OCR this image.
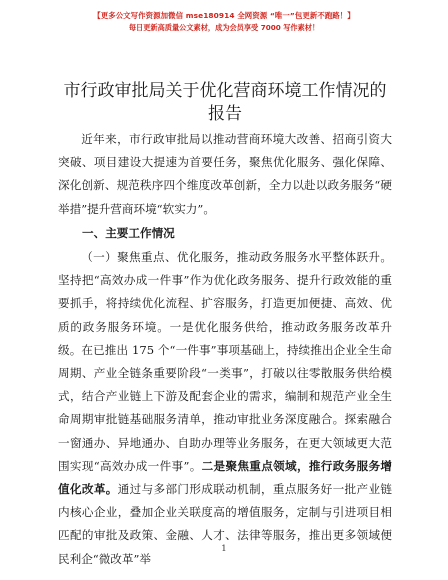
【更多公文写作资源加微信 mse180914 全网资源 “唯一”包更新不跑路！】
每日更新高质量公文素材，成为会员享受 7000 写作素材！
市行政审批局关于优化营商环境工作情况的报告

近年来，市行政审批局以推动营商环境大改善、招商引资大突破、项目建设大提速为首要任务，聚焦优化服务、强化保障、深化创新、规范秩序四个维度改革创新，全力以赴以政务服务“硬举措”提升营商环境“软实力”。

一、主要工作情况

（一）聚焦重点、优化服务，推动政务服务水平整体跃升。坚持把“高效办成一件事”作为优化政务服务、提升行政效能的重要抓手，将持续优化流程、扩容服务，打造更加便捷、高效、优质的政务服务环境。一是优化服务供给，推动政务服务改革升级。在已推出 175 个“一件事”事项基础上，持续推出企业全生命周期、产业全链条重要阶段“一类事”，打破以往零散服务供给模式，结合产业链上下游及配套企业的需求，编制和规范产业全生命周期审批链基础服务清单，推动审批业务深度融合。探索融合一窗通办、异地通办、自助办理等业务服务，在更大领域更大范围实现“高效办成一件事”。二是聚焦重点领域，推行政务服务增值化改革。通过与多部门形成联动机制，重点服务好一批产业链内核心企业，叠加企业关联度高的增值服务，定制与引进项目相匹配的审批及政策、金融、人才、法律等服务，推出更多领域便民利企“微改革”举

1
